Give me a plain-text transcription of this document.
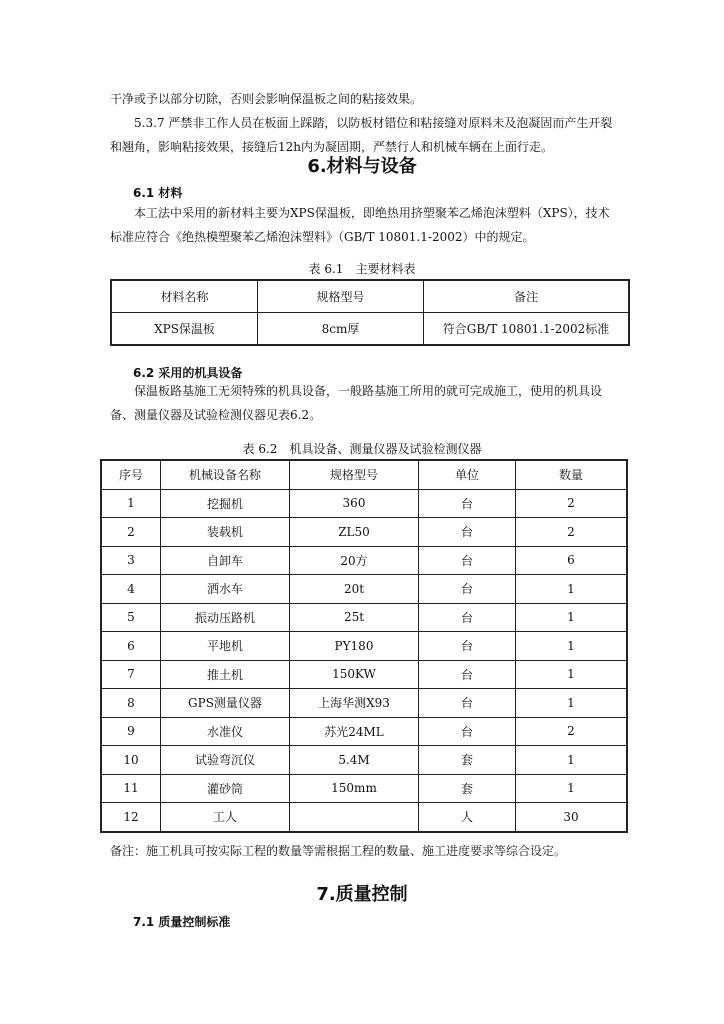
干净或予以部分切除，否则会影响保温板之间的粘接效果。

5.3.7 严禁非工作人员在板面上踩踏，以防板材错位和粘接缝对原料未及泡凝固而产生开裂和翘角，影响粘接效果，接缝后12h内为凝固期，严禁行人和机械车辆在上面行走。

6.材料与设备
6.1 材料

本工法中采用的新材料主要为XPS保温板，即绝热用挤塑聚苯乙烯泡沫塑料（XPS），技术标准应符合《绝热模塑聚苯乙烯泡沫塑料》（GB/T 10801.1-2002）中的规定。

表 6.1　主要材料表

材料名称	规格型号	备注
XPS保温板	8cm厚	符合GB/T 10801.1-2002标准
6.2 采用的机具设备

保温板路基施工无须特殊的机具设备，一般路基施工所用的就可完成施工，使用的机具设备、测量仪器及试验检测仪器见表6.2。

表 6.2　机具设备、测量仪器及试验检测仪器

序号	机械设备名称	规格型号	单位	数量
1	挖掘机	360	台	2
2	装载机	ZL50	台	2
3	自卸车	20方	台	6
4	洒水车	20t	台	1
5	振动压路机	25t	台	1
6	平地机	PY180	台	1
7	推土机	150KW	台	1
8	GPS测量仪器	上海华测X93	台	1
9	水准仪	苏光24ML	台	2
10	试验弯沉仪	5.4M	套	1
11	灌砂筒	150mm	套	1
12	工人		人	30

备注：施工机具可按实际工程的数量等需根据工程的数量、施工进度要求等综合设定。

7.质量控制
7.1 质量控制标准
